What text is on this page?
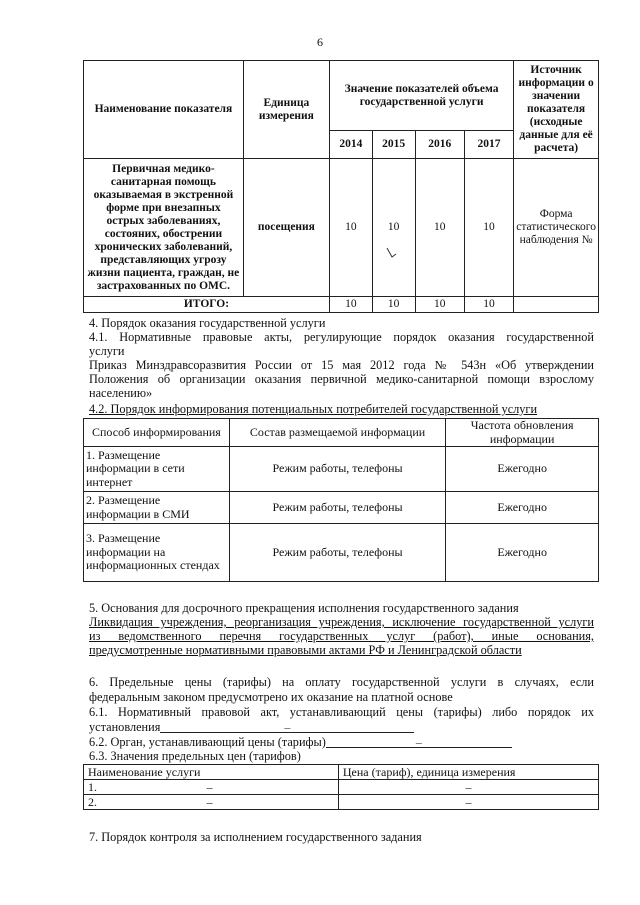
6
Наименование показателя	Единица измерения	Значение показателей объема государственной услуги				Источник информации о значении показателя (исходные данные для её расчета)
		2014	2015	2016	2017	
Первичная медико-санитарная помощь оказываемая в экстренной форме при внезапных острых заболеваниях, состояних, обострении хронических заболеваний, представляющих угрозу жизни пациента, граждан, не застрахованных по ОМС.	посещения	10	10	10	10	Форма статистического наблюдения №
ИТОГО:		10	10	10	10	
4. Порядок оказания государственной услуги
4.1. Нормативные правовые акты, регулирующие порядок оказания государственной
услуги
Приказ Минздравсоразвития России от 15 мая 2012 года № 543н «Об утверждении
Положения об организации оказания первичной медико-санитарной помощи взрослому
населению»
4.2. Порядок информирования потенциальных потребителей государственной услуги
Способ информирования	Состав размещаемой информации	Частота обновления информации
1. Размещение информации в сети интернет	Режим работы, телефоны	Ежегодно
2. Размещение информации в СМИ	Режим работы, телефоны	Ежегодно
3. Размещение информации на информационных стендах	Режим работы, телефоны	Ежегодно
5. Основания для досрочного прекращения исполнения государственного задания
Ликвидация учреждения, реорганизация учреждения, исключение государственной услуги
из ведомственного перечня государственных услуг (работ), иные основания,
предусмотренные нормативными правовыми актами РФ и Ленинградской области
6. Предельные цены (тарифы) на оплату государственной услуги в случаях, если
федеральным законом предусмотрено их оказание на платной основе
6.1. Нормативный правовой акт, устанавливающий цены (тарифы) либо порядок их
установления	–
6.2. Орган, устанавливающий цены (тарифы)	–
6.3. Значения предельных цен (тарифов)
Наименование услуги	Цена (тариф), единица измерения
1. –	–
2. –	–
7. Порядок контроля за исполнением государственного задания
